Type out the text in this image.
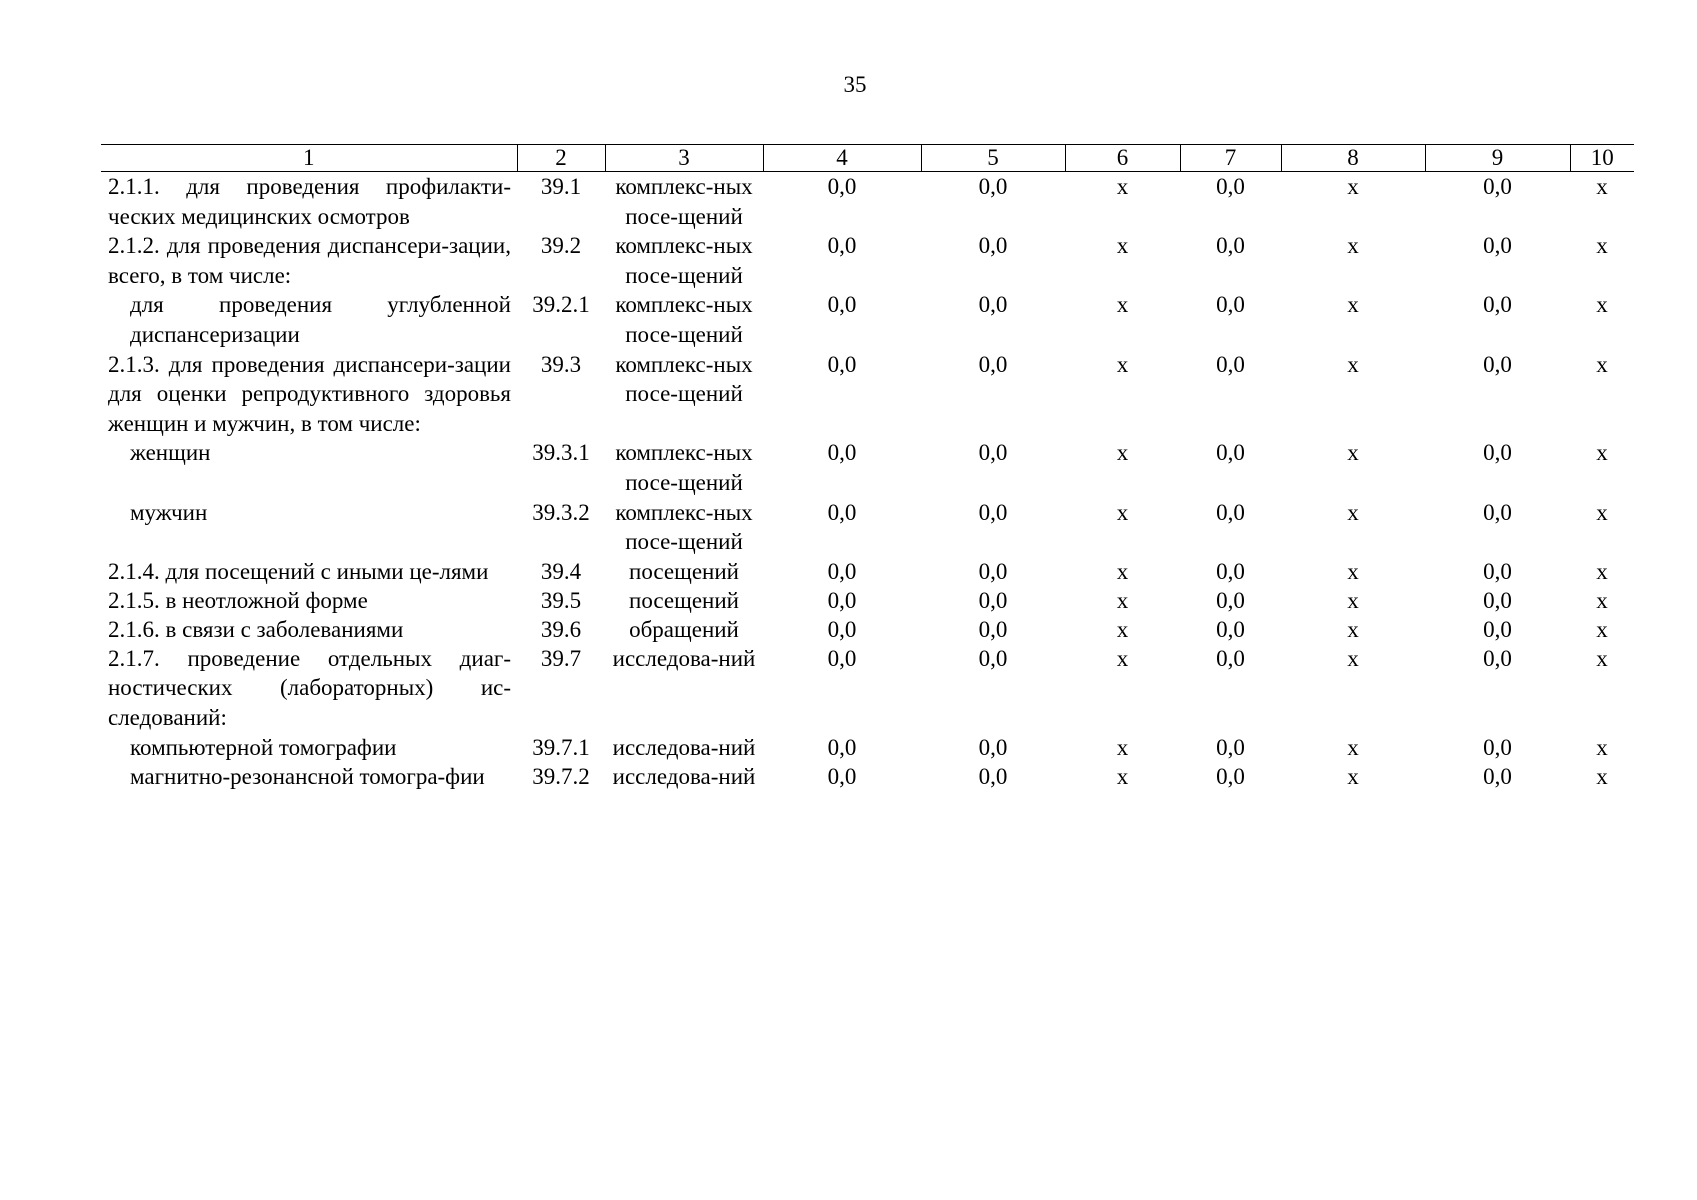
35
1	2	3	4	5	6	7	8	9	10
2.1.1. для проведения профилакти-ческих медицинских осмотров	39.1	комплекс-ных посе-щений	0,0	0,0	х	0,0	х	0,0	х
2.1.2. для проведения диспансери-зации, всего, в том числе:	39.2	комплекс-ных посе-щений	0,0	0,0	х	0,0	х	0,0	х
для проведения углубленной диспансеризации	39.2.1	комплекс-ных посе-щений	0,0	0,0	х	0,0	х	0,0	х
2.1.3. для проведения диспансери-зации для оценки репродуктивного здоровья женщин и мужчин, в том числе:	39.3	комплекс-ных посе-щений	0,0	0,0	х	0,0	х	0,0	х
женщин	39.3.1	комплекс-ных посе-щений	0,0	0,0	х	0,0	х	0,0	х
мужчин	39.3.2	комплекс-ных посе-щений	0,0	0,0	х	0,0	х	0,0	х
2.1.4. для посещений с иными це-лями	39.4	посещений	0,0	0,0	х	0,0	х	0,0	х
2.1.5. в неотложной форме	39.5	посещений	0,0	0,0	х	0,0	х	0,0	х
2.1.6. в связи с заболеваниями	39.6	обращений	0,0	0,0	х	0,0	х	0,0	х
2.1.7. проведение отдельных диаг-ностических (лабораторных) ис-следований:	39.7	исследова-ний	0,0	0,0	х	0,0	х	0,0	х
компьютерной томографии	39.7.1	исследова-ний	0,0	0,0	х	0,0	х	0,0	х
магнитно-резонансной томогра-фии	39.7.2	исследова-ний	0,0	0,0	х	0,0	х	0,0	х
